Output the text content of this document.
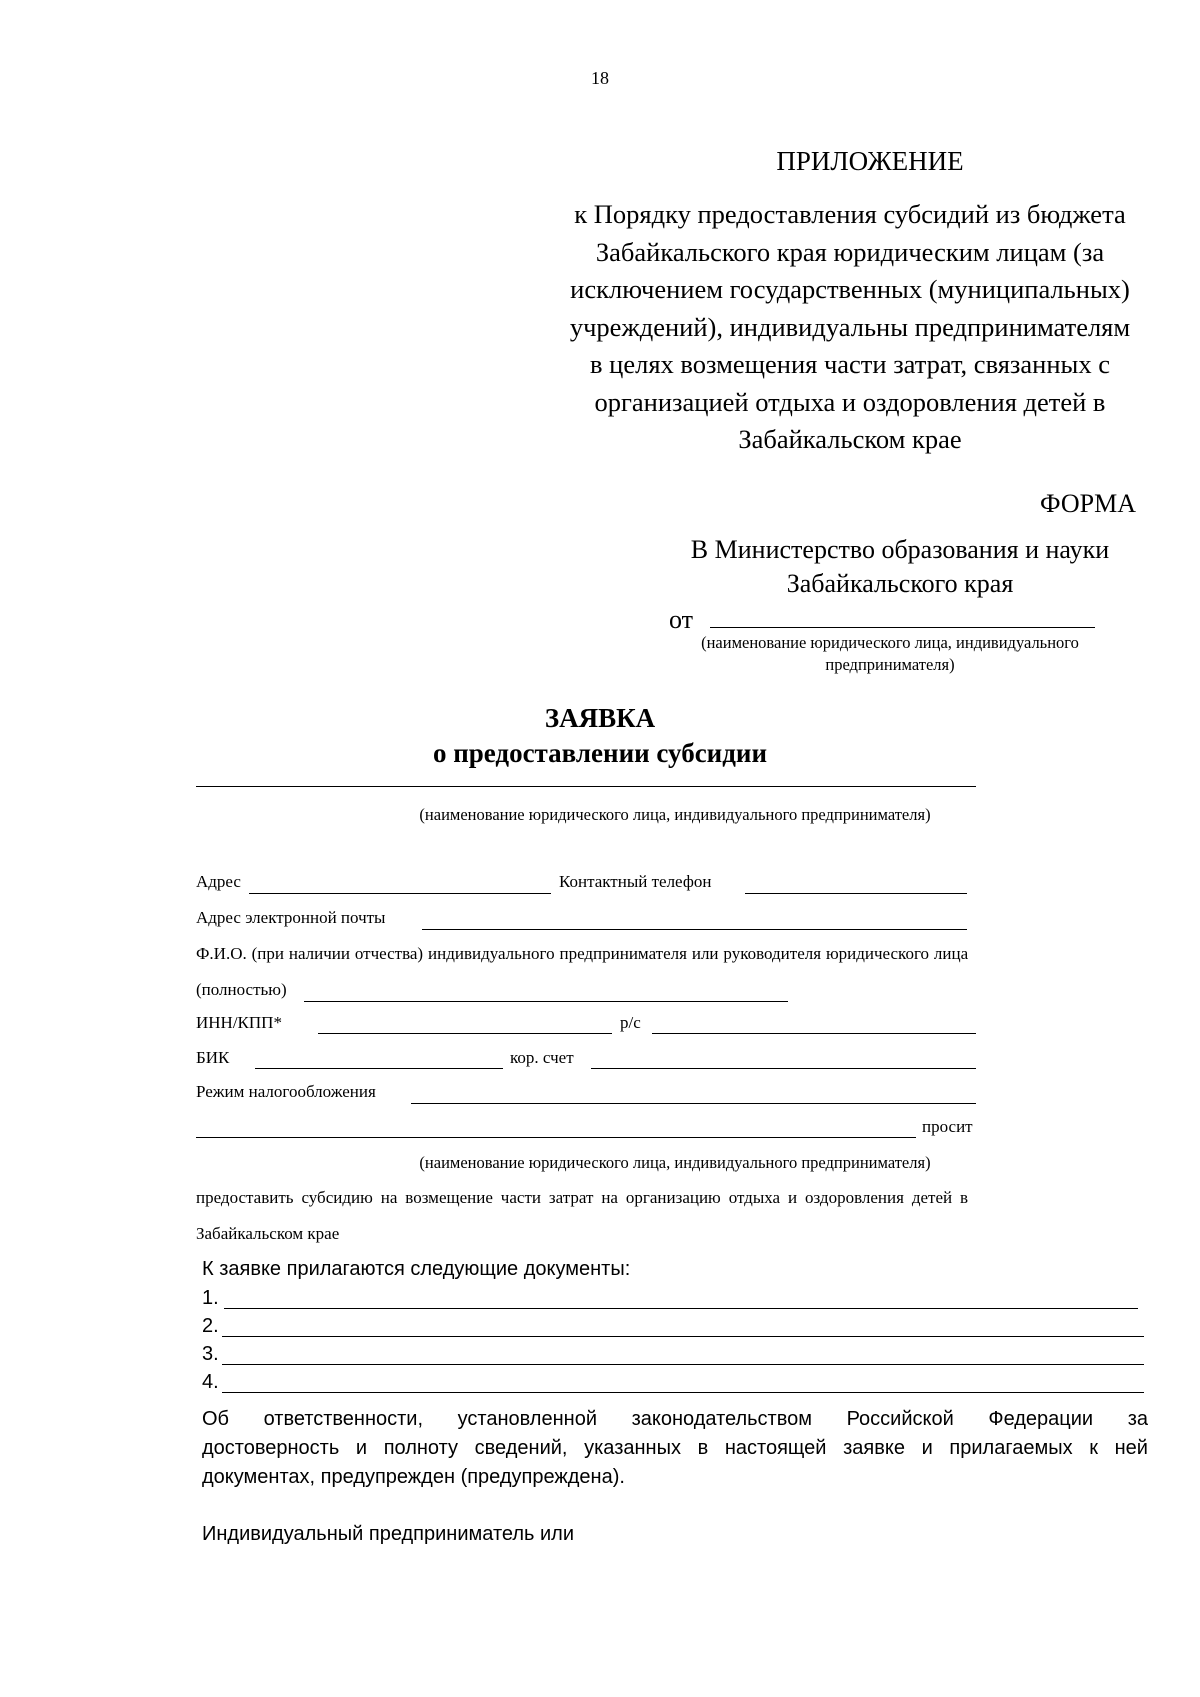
18
ПРИЛОЖЕНИЕ
к Порядку предоставления субсидий из бюджета
Забайкальского края юридическим лицам (за
исключением государственных (муниципальных)
учреждений), индивидуальны предпринимателям
в целях возмещения части затрат, связанных с
организацией отдыха и оздоровления детей в
Забайкальском крае
ФОРМА
В Министерство образования и науки
Забайкальского края
от
(наименование юридического лица, индивидуального
предпринимателя)
ЗАЯВКА
о предоставлении субсидии
(наименование юридического лица, индивидуального предпринимателя)
Адрес	Контактный телефон
Адрес электронной почты
Ф.И.О. (при наличии отчества) индивидуального предпринимателя или руководителя юридического лица
(полностью)
ИНН/КПП*	р/с
БИК	кор. счет
Режим налогообложения
просит
(наименование юридического лица, индивидуального предпринимателя)
предоставить субсидию на возмещение части затрат на организацию отдыха и оздоровления детей в
Забайкальском крае
К заявке прилагаются следующие документы:
1.
2.
3.
4.
Об ответственности, установленной законодательством Российской Федерации за
достоверность и полноту сведений, указанных в настоящей заявке и прилагаемых к ней
документах, предупрежден (предупреждена).
Индивидуальный предприниматель или
